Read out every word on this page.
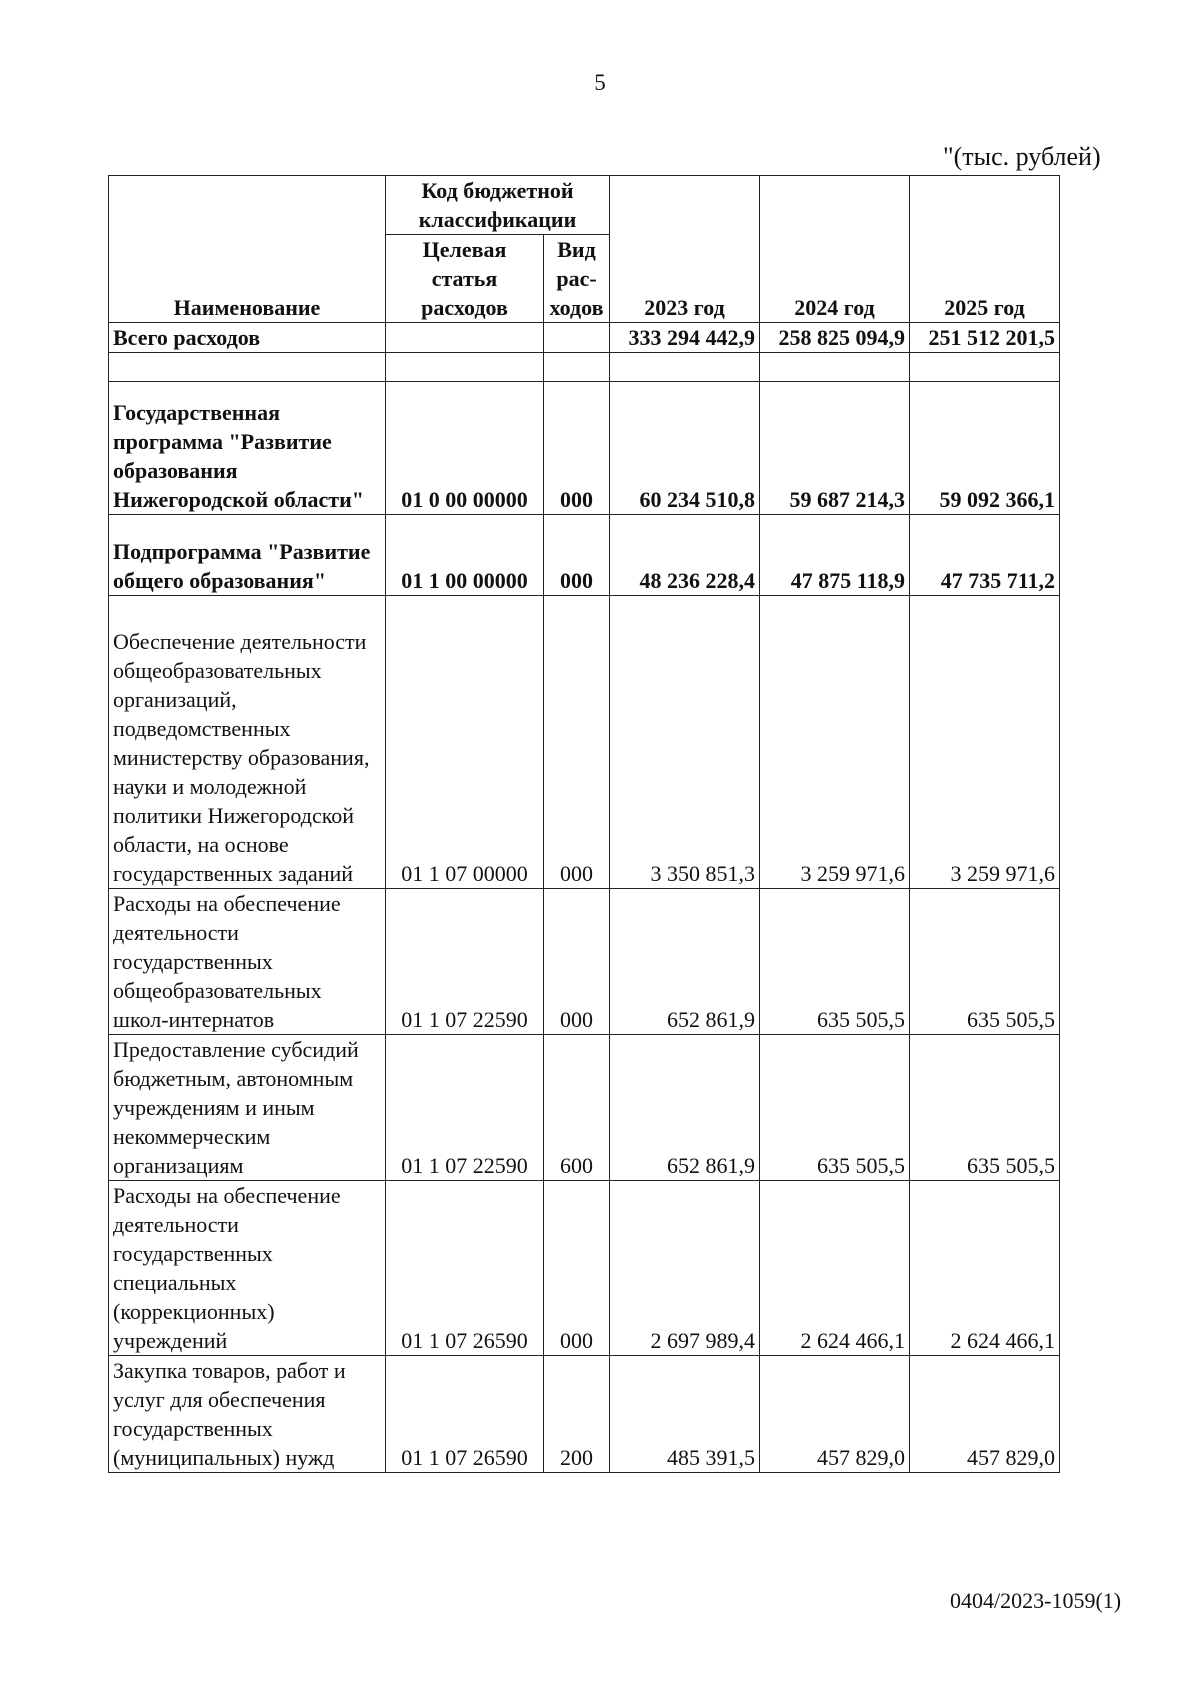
5
"(тыс. рублей)
Наименование	Код бюджетной классификации		2023 год	2024 год	2025 год
	Целевая статья расходов	Вид рас-ходов			
Всего расходов			333 294 442,9	258 825 094,9	251 512 201,5

Государственная программа "Развитие образования Нижегородской области"	01 0 00 00000	000	60 234 510,8	59 687 214,3	59 092 366,1
Подпрограмма "Развитие общего образования"	01 1 00 00000	000	48 236 228,4	47 875 118,9	47 735 711,2
Обеспечение деятельности общеобразовательных организаций, подведомственных министерству образования, науки и молодежной политики Нижегородской области, на основе государственных заданий	01 1 07 00000	000	3 350 851,3	3 259 971,6	3 259 971,6
Расходы на обеспечение деятельности государственных общеобразовательных школ-интернатов	01 1 07 22590	000	652 861,9	635 505,5	635 505,5
Предоставление субсидий бюджетным, автономным учреждениям и иным некоммерческим организациям	01 1 07 22590	600	652 861,9	635 505,5	635 505,5
Расходы на обеспечение деятельности государственных специальных (коррекционных) учреждений	01 1 07 26590	000	2 697 989,4	2 624 466,1	2 624 466,1
Закупка товаров, работ и услуг для обеспечения государственных (муниципальных) нужд	01 1 07 26590	200	485 391,5	457 829,0	457 829,0
0404/2023-1059(1)
